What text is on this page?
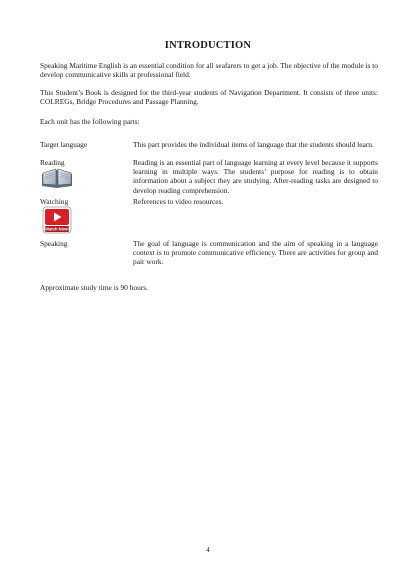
INTRODUCTION

Speaking Maritime English is an essential condition for all seafarers to get a job. The objective of the module is to develop communicative skills at professional field.

This Student’s Book is designed for the third-year students of Navigation Department. It consists of three units: COLREGs, Bridge Procedures and Passage Planning.

Each unit has the following parts:

Target language	This part provides the individual items of language that the students should learn.
Reading	Reading is an essential part of language learning at every level because it supports learning in multiple ways. The students’ purpose for reading is to obtain information about a subject they are studying. After-reading tasks are designed to develop reading comprehension.
Watching	References to video resources.
Watch Now!
Speaking	The goal of language is communication and the aim of speaking in a language context is to promote communicative efficiency. There are activities for group and pair work.

Approximate study time is 90 hours.

4
